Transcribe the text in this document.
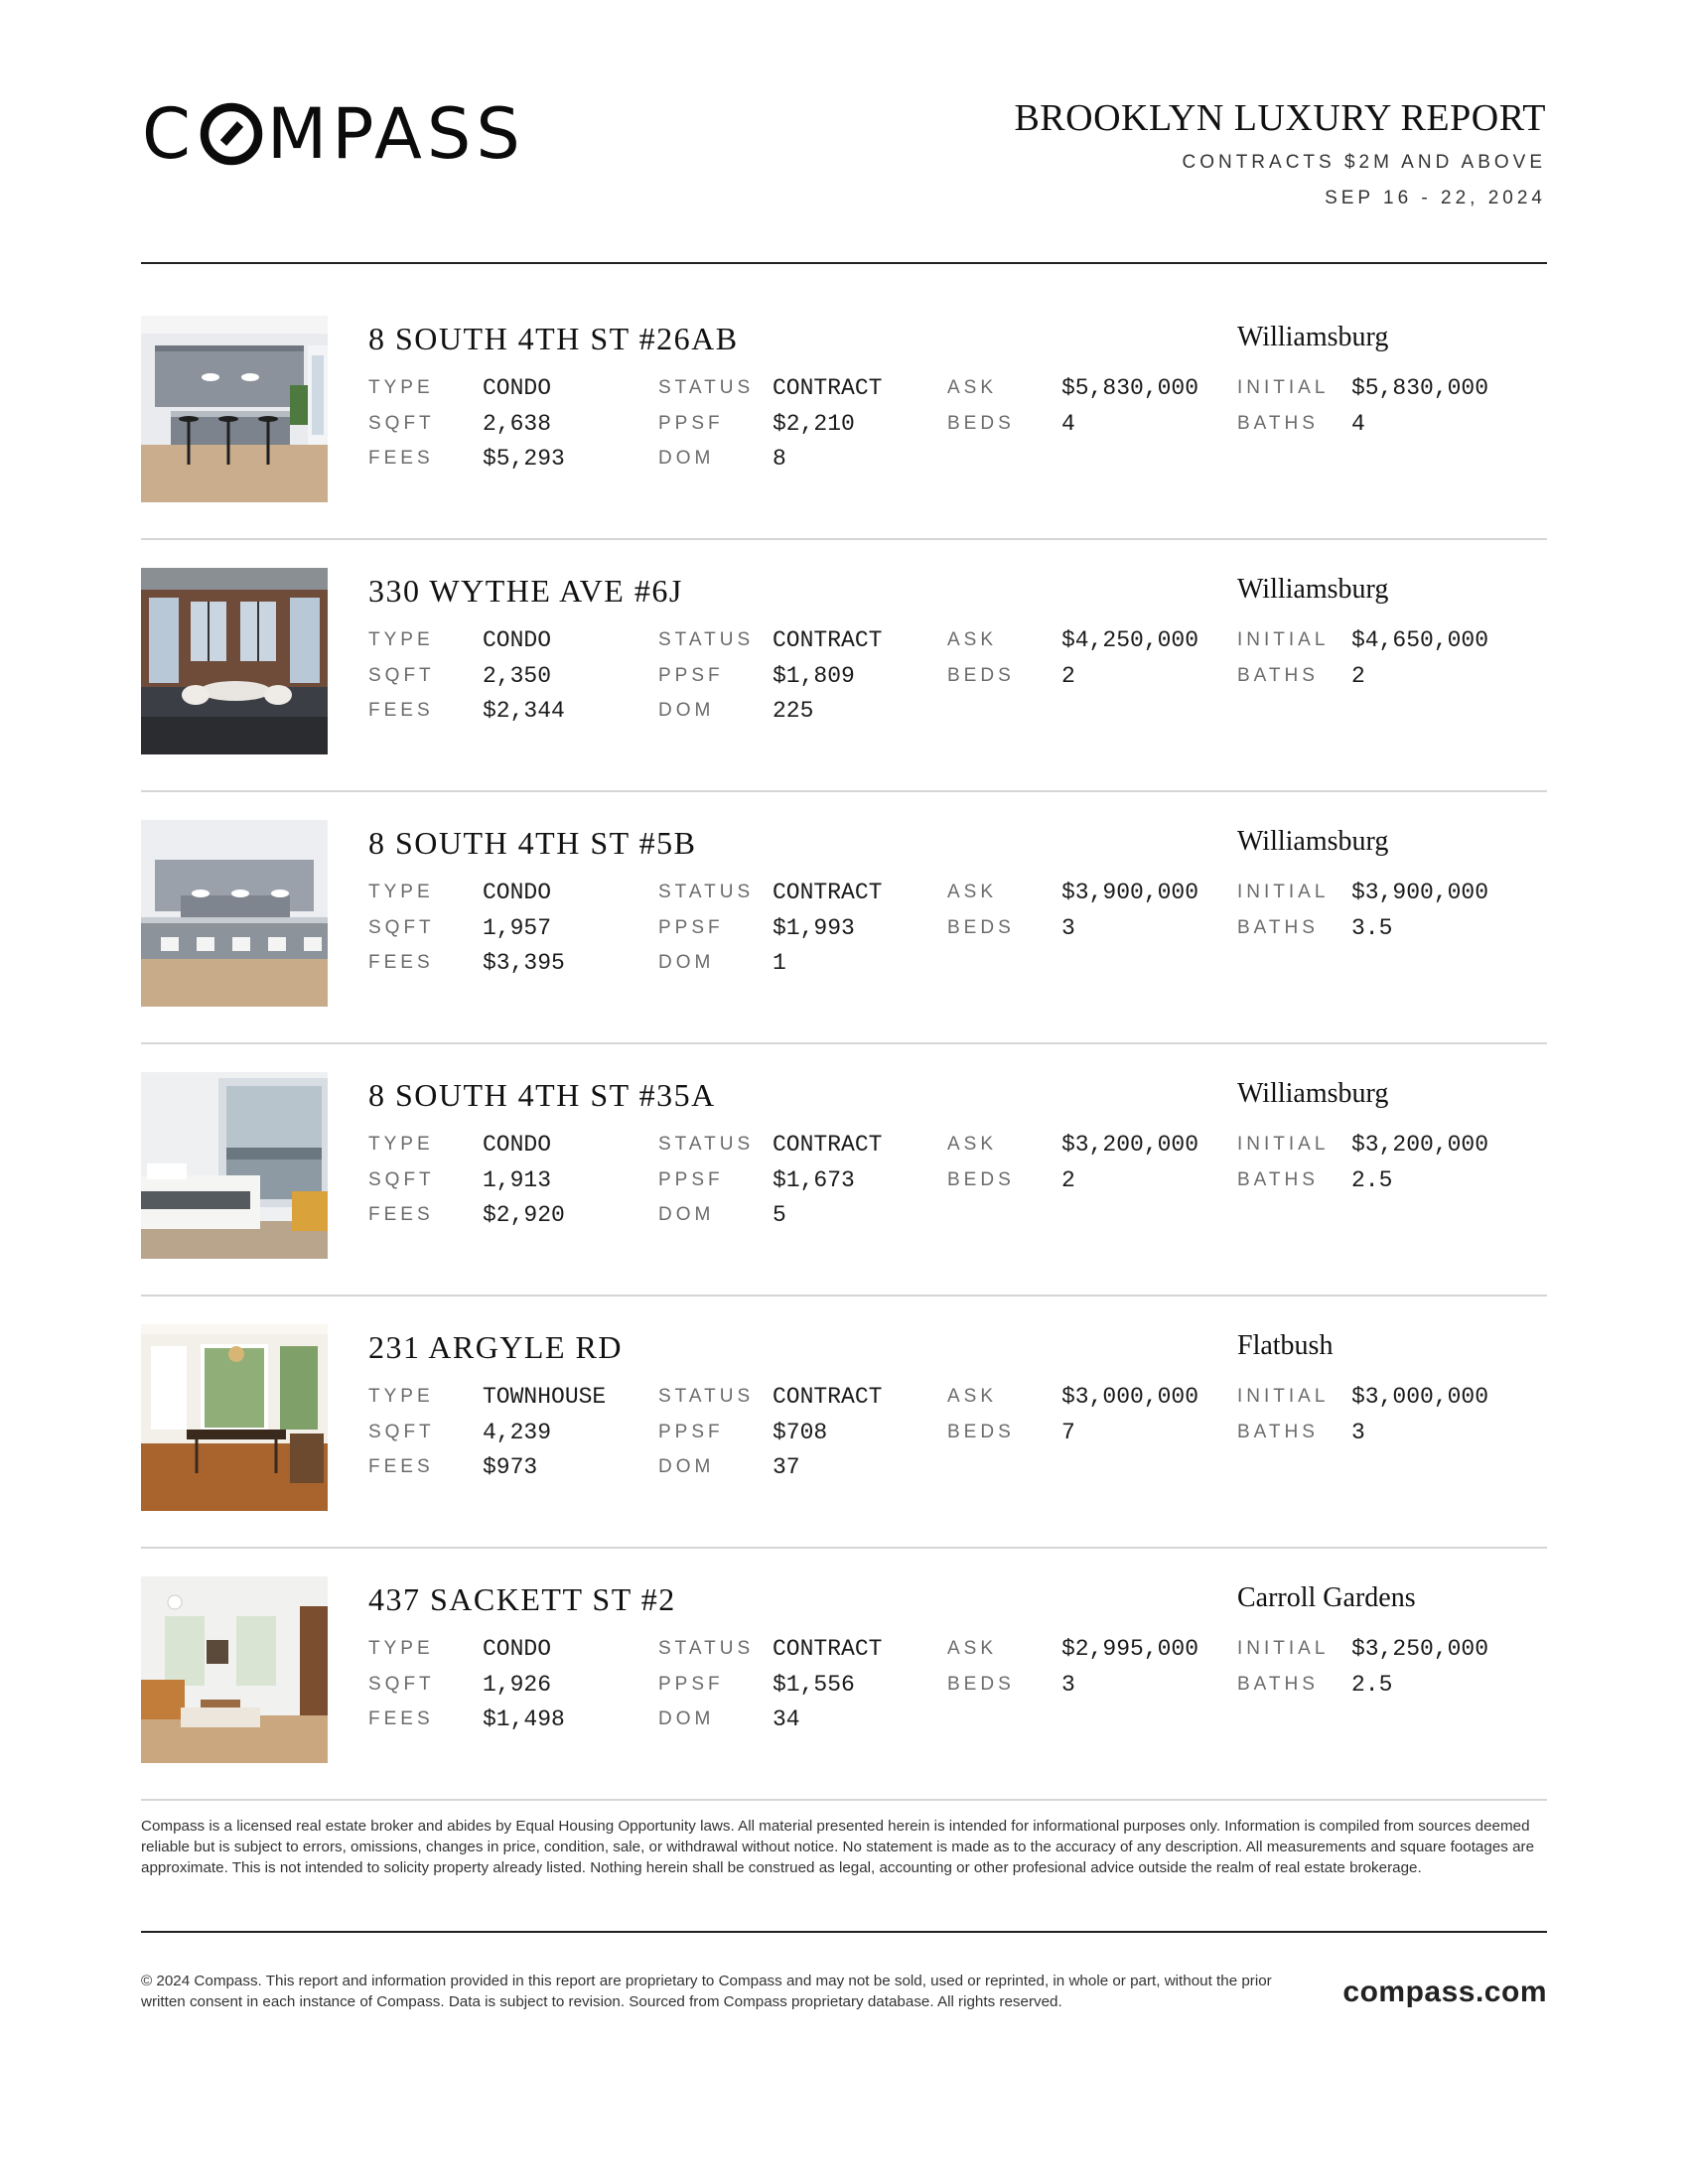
C MPASS	BROOKLYN LUXURY REPORT
CONTRACTS $2M AND ABOVE
SEP 16 - 22, 2024
8 SOUTH 4TH ST #26AB	Williamsburg
TYPE CONDO	STATUS CONTRACT	ASK	$5,830,000 INITIAL $5,830,000
SQFT 2,638	PPSF $2,210	BEDS 4	BATHS 4
FEES $5,293	DOM	8
330 WYTHE AVE #6J	Williamsburg
TYPE CONDO	STATUS CONTRACT	ASK	$4,250,000 INITIAL $4,650,000
SQFT 2,350	PPSF $1,809	BEDS 2	BATHS 2
FEES $2,344	DOM	225
8 SOUTH 4TH ST #5B	Williamsburg
TYPE CONDO	STATUS CONTRACT	ASK	$3,900,000 INITIAL $3,900,000
SQFT 1,957	PPSF $1,993	BEDS 3	BATHS 3.5
FEES $3,395	DOM	1
8 SOUTH 4TH ST #35A	Williamsburg
TYPE CONDO	STATUS CONTRACT	ASK	$3,200,000 INITIAL $3,200,000
SQFT 1,913	PPSF $1,673	BEDS 2	BATHS 2.5
FEES $2,920	DOM	5
231 ARGYLE RD	Flatbush
TYPE TOWNHOUSE	STATUS CONTRACT	ASK	$3,000,000 INITIAL $3,000,000
SQFT 4,239	PPSF $708	BEDS 7	BATHS 3
FEES $973	DOM	37
437 SACKETT ST #2	Carroll Gardens
TYPE CONDO	STATUS CONTRACT	ASK	$2,995,000 INITIAL $3,250,000
SQFT 1,926	PPSF $1,556	BEDS 3	BATHS 2.5
FEES $1,498	DOM	34
Compass is a licensed real estate broker and abides by Equal Housing Opportunity laws. All material presented herein is intended for informational purposes only. Information is compiled from sources deemed reliable but is subject to errors, omissions, changes in price, condition, sale, or withdrawal without notice. No statement is made as to the accuracy of any description. All measurements and square footages are approximate. This is not intended to solicity property already listed. Nothing herein shall be construed as legal, accounting or other profesional advice outside the realm of real estate brokerage.
© 2024 Compass. This report and information provided in this report are proprietary to Compass and may not be sold, used or reprinted, in whole or part, without the prior written consent in each instance of Compass. Data is subject to revision. Sourced from Compass proprietary database. All rights reserved.	compass.com
